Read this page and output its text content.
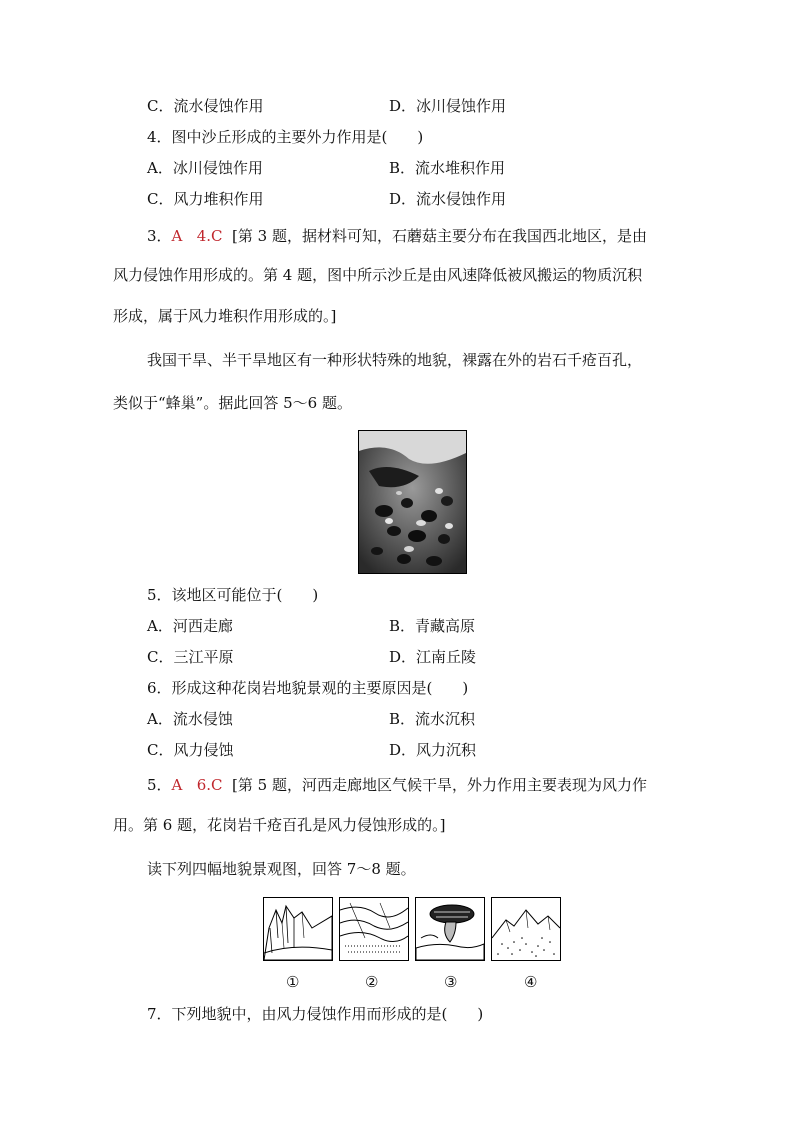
C．流水侵蚀作用	D．冰川侵蚀作用
4．图中沙丘形成的主要外力作用是(　　)
A．冰川侵蚀作用	B．流水堆积作用
C．风力堆积作用	D．流水侵蚀作用
3．A 4.C [第 3 题，据材料可知，石蘑菇主要分布在我国西北地区，是由
风力侵蚀作用形成的。第 4 题，图中所示沙丘是由风速降低被风搬运的物质沉积
形成，属于风力堆积作用形成的。]
我国干旱、半干旱地区有一种形状特殊的地貌，裸露在外的岩石千疮百孔，
类似于“蜂巢”。据此回答 5～6 题。
5．该地区可能位于(　　)
A．河西走廊	B．青藏高原
C．三江平原	D．江南丘陵
6．形成这种花岗岩地貌景观的主要原因是(　　)
A．流水侵蚀	B．流水沉积
C．风力侵蚀	D．风力沉积
5．A 6.C [第 5 题，河西走廊地区气候干旱，外力作用主要表现为风力作
用。第 6 题，花岗岩千疮百孔是风力侵蚀形成的。]
读下列四幅地貌景观图，回答 7～8 题。
①	②	③	④
7．下列地貌中，由风力侵蚀作用而形成的是(　　)
